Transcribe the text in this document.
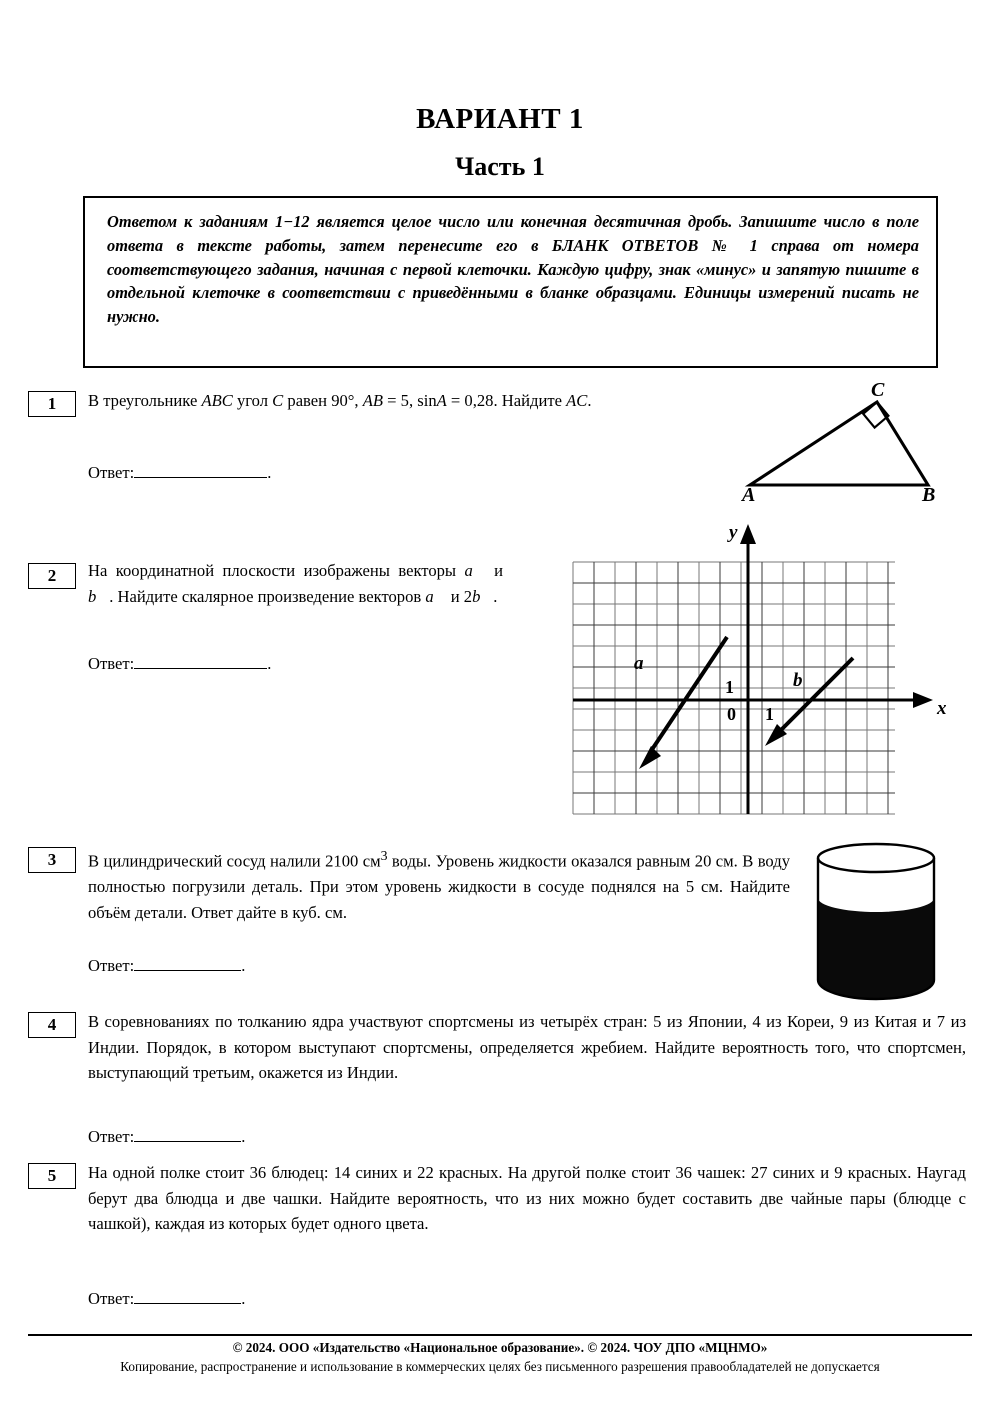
ВАРИАНТ 1
Часть 1
Ответом к заданиям 1−12 является целое число или конечная десятичная дробь. Запишите число в поле ответа в тексте работы, затем перенесите его в БЛАНК ОТВЕТОВ № 1 справа от номера соответствующего задания, начиная с первой клеточки. Каждую цифру, знак «минус» и запятую пишите в отдельной клеточке в соответствии с приведёнными в бланке образцами. Единицы измерений писать не нужно.
1	В треугольнике ABC угол C равен 90°, AB = 5, sinA = 0,28. Найдите AC.
Ответ:	.
A	B
C
2	На координатной плоскости изображены векторы a⃗ и b⃗. Найдите скалярное произведение векторов a⃗ и 2b⃗.
Ответ:	.
x
y
0
1
1
a⃗
b⃗
3	В цилиндрический сосуд налили 2100 $см^3$ воды. Уровень жидкости оказался равным 20 см. В воду полностью погрузили деталь. При этом уровень жидкости в сосуде поднялся на 5 см. Найдите объём детали. Ответ дайте в куб. см.
Ответ:	.
4	В соревнованиях по толканию ядра участвуют спортсмены из четырёх стран: 5 из Японии, 4 из Кореи, 9 из Китая и 7 из Индии. Порядок, в котором выступают спортсмены, определяется жребием. Найдите вероятность того, что спортсмен, выступающий третьим, окажется из Индии.
Ответ:	.
5	На одной полке стоит 36 блюдец: 14 синих и 22 красных. На другой полке стоит 36 чашек: 27 синих и 9 красных. Наугад берут два блюдца и две чашки. Найдите вероятность, что из них можно будет составить две чайные пары (блюдце с чашкой), каждая из которых будет одного цвета.
Ответ:	.
© 2024. ООО «Издательство «Национальное образование». © 2024. ЧОУ ДПО «МЦНМО»
Копирование, распространение и использование в коммерческих целях без письменного разрешения правообладателей не допускается
